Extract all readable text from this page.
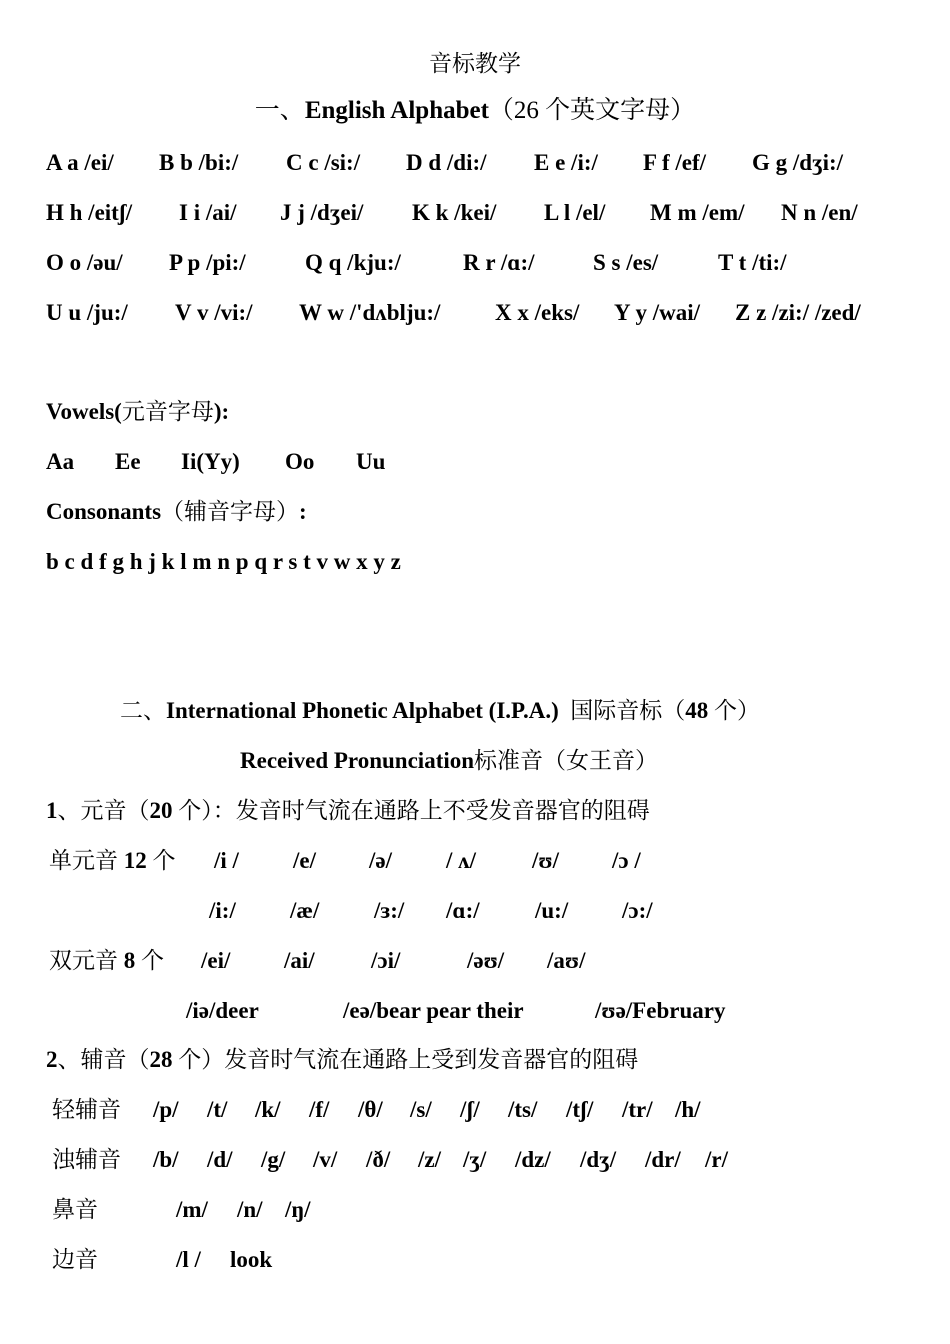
音标教学
一、English Alphabet（26 个英文字母）
A a /ei/ B b /bi:/ C c /si:/ D d /di:/ E e /i:/ F f /ef/ G g /dʒi:/
H h /eitʃ/ I i /ai/ J j /dʒei/ K k /kei/ L l /el/ M m /em/ N n /en/
O o /əu/ P p /pi:/	Q q /kju:/	R r /ɑ:/	S s /es/	T t /ti:/
U u /ju:/ V v /vi:/ W w /'dʌblju:/ X x /eks/ Y y /wai/ Z z /zi:/ /zed/
Vowels(元音字母):
Aa Ee Ii(Yy) Oo Uu
Consonants（辅音字母）:
b c d f g h j k l m n p q r s t v w x y z
二、International Phonetic Alphabet (I.P.A.) 国际音标（48 个）
Received Pronunciation标准音（女王音）
1、元音（20 个）：发音时气流在通路上不受发音器官的阻碍
单元音 12 个 /i / /e/ /ə/ / ʌ/ /ʊ/ /ɔ /
/i:/ /æ/ /ɜ:/ /ɑ:/ /u:/ /ɔ:/
双元音 8 个 /ei/ /ai/ /ɔi/	/əʊ/ /aʊ/
/iə/deer	/eə/bear pear their	/ʊə/February
2、辅音（28 个）发音时气流在通路上受到发音器官的阻碍
轻辅音 /p/ /t/ /k/ /f/ /θ/ /s/ /ʃ/ /ts/ /tʃ/ /tr/ /h/
浊辅音 /b/ /d/ /g/ /v/ /ð/ /z/ /ʒ/ /dz/ /dʒ/ /dr/ /r/
鼻音	/m/ /n/ /ŋ/
边音	/l / look
